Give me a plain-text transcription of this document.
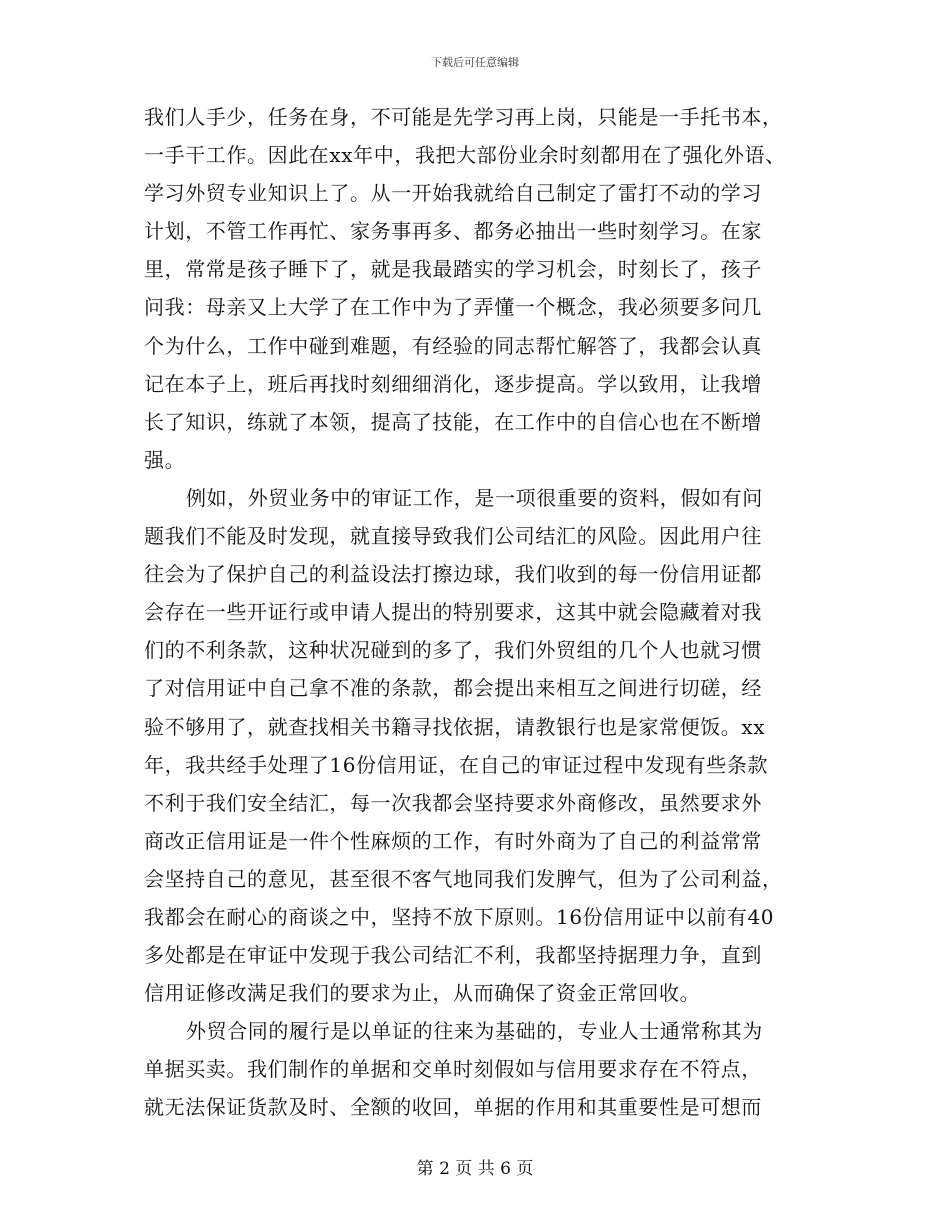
下载后可任意编辑
我们人手少，任务在身，不可能是先学习再上岗，只能是一手托书本，
一手干工作。因此在xx年中，我把大部份业余时刻都用在了强化外语、
学习外贸专业知识上了。从一开始我就给自己制定了雷打不动的学习
计划，不管工作再忙、家务事再多、都务必抽出一些时刻学习。在家
里，常常是孩子睡下了，就是我最踏实的学习机会，时刻长了，孩子
问我：母亲又上大学了在工作中为了弄懂一个概念，我必须要多问几
个为什么，工作中碰到难题，有经验的同志帮忙解答了，我都会认真
记在本子上，班后再找时刻细细消化，逐步提高。学以致用，让我增
长了知识，练就了本领，提高了技能，在工作中的自信心也在不断增
强。
例如，外贸业务中的审证工作，是一项很重要的资料，假如有问
题我们不能及时发现，就直接导致我们公司结汇的风险。因此用户往
往会为了保护自己的利益设法打擦边球，我们收到的每一份信用证都
会存在一些开证行或申请人提出的特别要求，这其中就会隐藏着对我
们的不利条款，这种状况碰到的多了，我们外贸组的几个人也就习惯
了对信用证中自己拿不准的条款，都会提出来相互之间进行切磋，经
验不够用了，就查找相关书籍寻找依据，请教银行也是家常便饭。xx
年，我共经手处理了16份信用证，在自己的审证过程中发现有些条款
不利于我们安全结汇，每一次我都会坚持要求外商修改，虽然要求外
商改正信用证是一件个性麻烦的工作，有时外商为了自己的利益常常
会坚持自己的意见，甚至很不客气地同我们发脾气，但为了公司利益，
我都会在耐心的商谈之中，坚持不放下原则。16份信用证中以前有40
多处都是在审证中发现于我公司结汇不利，我都坚持据理力争，直到
信用证修改满足我们的要求为止，从而确保了资金正常回收。
外贸合同的履行是以单证的往来为基础的，专业人士通常称其为
单据买卖。我们制作的单据和交单时刻假如与信用要求存在不符点，
就无法保证货款及时、全额的收回，单据的作用和其重要性是可想而
第 2 页 共 6 页
